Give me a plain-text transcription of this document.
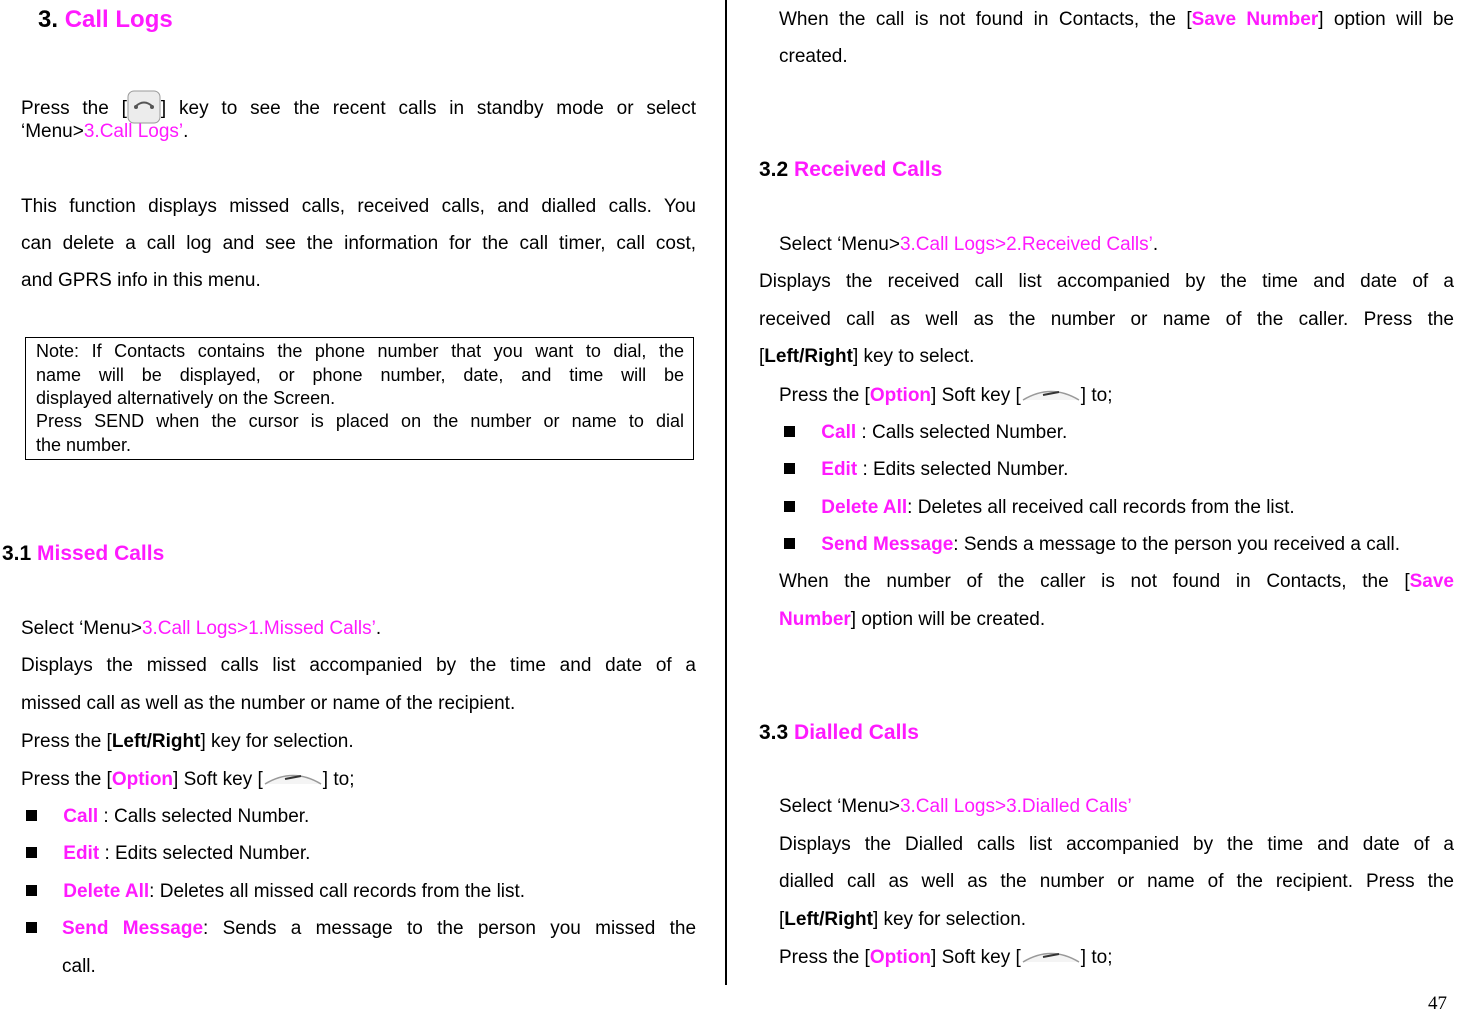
3. Call Logs
Press the [ ] key to see the recent calls in standby mode or select
‘Menu>3.Call Logs’.
This function displays missed calls, received calls, and dialled calls. You
can delete a call log and see the information for the call timer, call cost,
and GPRS info in this menu.

Note: If Contacts contains the phone number that you want to dial, the

name will be displayed, or phone number, date, and time will be

displayed alternatively on the Screen.

Press SEND when the cursor is placed on the number or name to dial

the number.

3.1 Missed Calls
Select ‘Menu>3.Call Logs>1.Missed Calls’.
Displays the missed calls list accompanied by the time and date of a
missed call as well as the number or name of the recipient.
Press the [Left/Right] key for selection.
Press the [Option] Soft key [	] to;
Call : Calls selected Number.
Edit : Edits selected Number.
Delete All: Deletes all missed call records from the list.
Send Message: Sends a message to the person you missed the
call.
When the call is not found in Contacts, the [Save Number] option will be
created.
3.2 Received Calls
Select ‘Menu>3.Call Logs>2.Received Calls’.
Displays the received call list accompanied by the time and date of a
received call as well as the number or name of the caller. Press the
[Left/Right] key to select.
Press the [Option] Soft key [	] to;
Call : Calls selected Number.
Edit : Edits selected Number.
Delete All: Deletes all received call records from the list.
Send Message: Sends a message to the person you received a call.
When the number of the caller is not found in Contacts, the [Save
Number] option will be created.
3.3 Dialled Calls
Select ‘Menu>3.Call Logs>3.Dialled Calls’
Displays the Dialled calls list accompanied by the time and date of a
dialled call as well as the number or name of the recipient. Press the
[Left/Right] key for selection.
Press the [Option] Soft key [	] to;
47
